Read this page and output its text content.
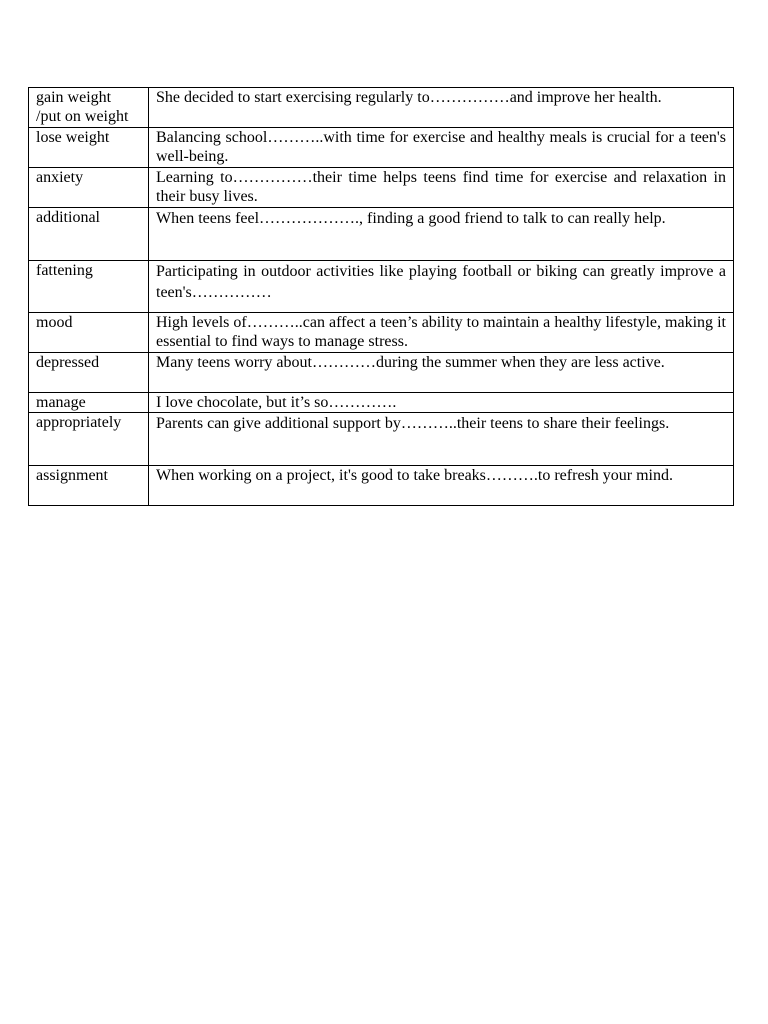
gain weight
/put on weight	She decided to start exercising regularly to……………and improve her health.

lose weight	Balancing school………..with time for exercise and healthy meals is crucial for a teen's well-being.

anxiety	Learning to……………their time helps teens find time for exercise and relaxation in their busy lives.

additional	When teens feel………………., finding a good friend to talk to can really help.

fattening	Participating in outdoor activities like playing football or biking can greatly improve a teen's……………

mood	High levels of………..can affect a teen’s ability to maintain a healthy lifestyle, making it essential to find ways to manage stress.

depressed	Many teens worry about…………during the summer when they are less active.

manage	I love chocolate, but it’s so………….

appropriately	Parents can give additional support by………..their teens to share their feelings.

assignment	When working on a project, it's good to take breaks……….to refresh your mind.
